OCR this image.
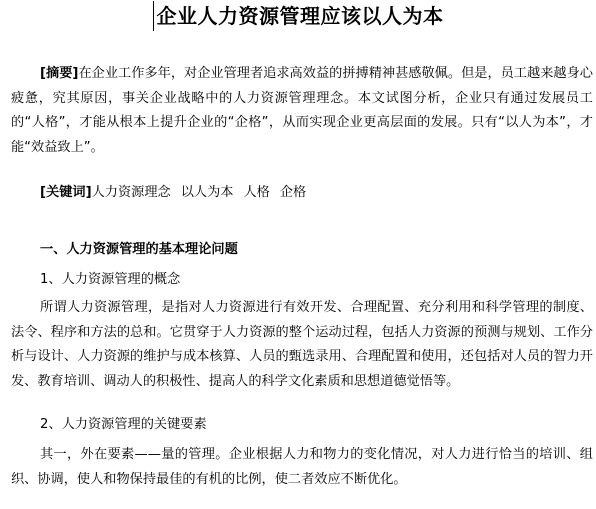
企业人力资源管理应该以人为本

[摘要]在企业工作多年，对企业管理者追求高效益的拼搏精神甚感敬佩。但是，员工越来越身心疲惫，究其原因，事关企业战略中的人力资源管理理念。本文试图分析，企业只有通过发展员工的“人格”，才能从根本上提升企业的“企格”，从而实现企业更高层面的发展。只有“以人为本”，才能“效益致上”。

[关键词]人力资源理念 以人为本 人格 企格

一、人力资源管理的基本理论问题

1、人力资源管理的概念

所谓人力资源管理，是指对人力资源进行有效开发、合理配置、充分利用和科学管理的制度、法令、程序和方法的总和。它贯穿于人力资源的整个运动过程，包括人力资源的预测与规划、工作分析与设计、人力资源的维护与成本核算、人员的甄选录用、合理配置和使用，还包括对人员的智力开发、教育培训、调动人的积极性、提高人的科学文化素质和思想道德觉悟等。

2、人力资源管理的关键要素

其一，外在要素——量的管理。企业根据人力和物力的变化情况，对人力进行恰当的培训、组织、协调，使人和物保持最佳的有机的比例，使二者效应不断优化。
